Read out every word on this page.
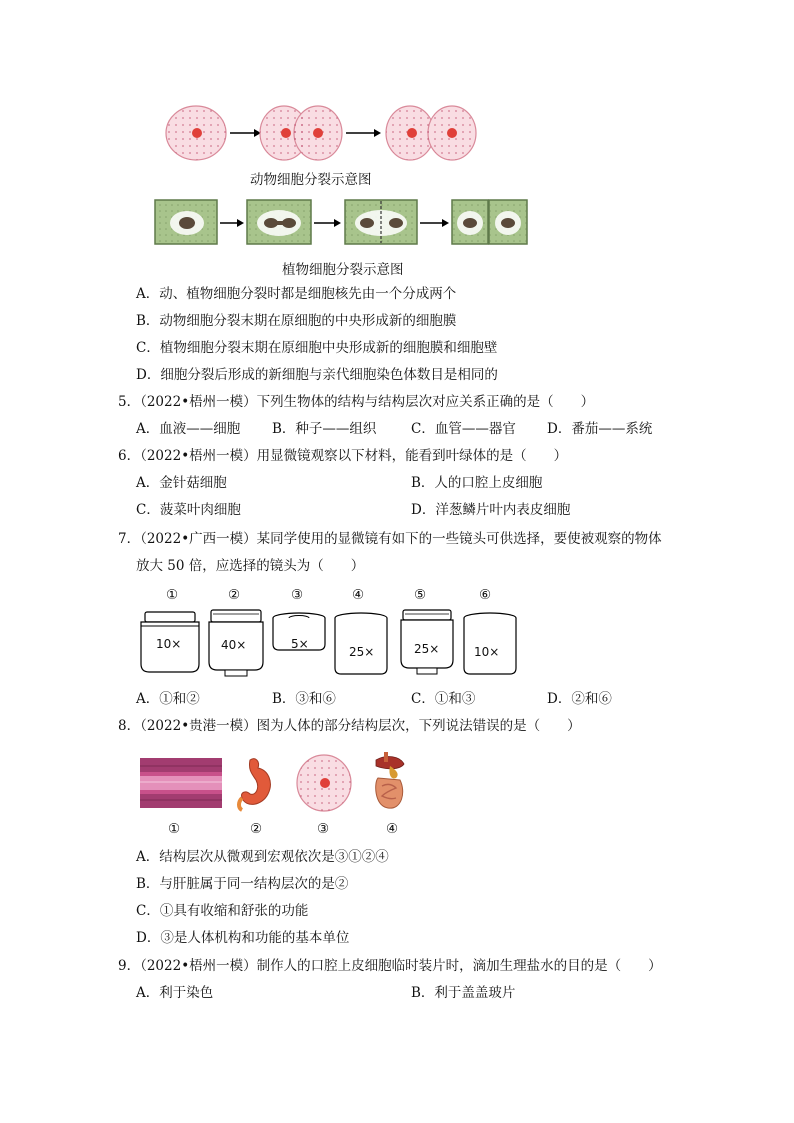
动物细胞分裂示意图
植物细胞分裂示意图
A．动、植物细胞分裂时都是细胞核先由一个分成两个
B．动物细胞分裂末期在原细胞的中央形成新的细胞膜
C．植物细胞分裂末期在原细胞中央形成新的细胞膜和细胞壁
D．细胞分裂后形成的新细胞与亲代细胞染色体数目是相同的
5．（2022•梧州一模）下列生物体的结构与结构层次对应关系正确的是（　　）
A．血液——细胞 B．种子——组织	C．血管——器官 D．番茄——系统
6．（2022•梧州一模）用显微镜观察以下材料，能看到叶绿体的是（　　）
A．金针菇细胞	B．人的口腔上皮细胞
C．菠菜叶肉细胞	D．洋葱鳞片叶内表皮细胞
7．（2022•广西一模）某同学使用的显微镜有如下的一些镜头可供选择，要使被观察的物体
放大 50 倍，应选择的镜头为（　　）
①	②	③	④	⑤	⑥
10×	40×	5×
25×	25×	10×
A．①和②	B．③和⑥	C．①和③	D．②和⑥
8．（2022•贵港一模）图为人体的部分结构层次，下列说法错误的是（　　）
①	②	③	④
A．结构层次从微观到宏观依次是③①②④
B．与肝脏属于同一结构层次的是②
C．①具有收缩和舒张的功能
D．③是人体机构和功能的基本单位
9．（2022•梧州一模）制作人的口腔上皮细胞临时装片时，滴加生理盐水的目的是（　　）
A．利于染色	B．利于盖盖玻片
